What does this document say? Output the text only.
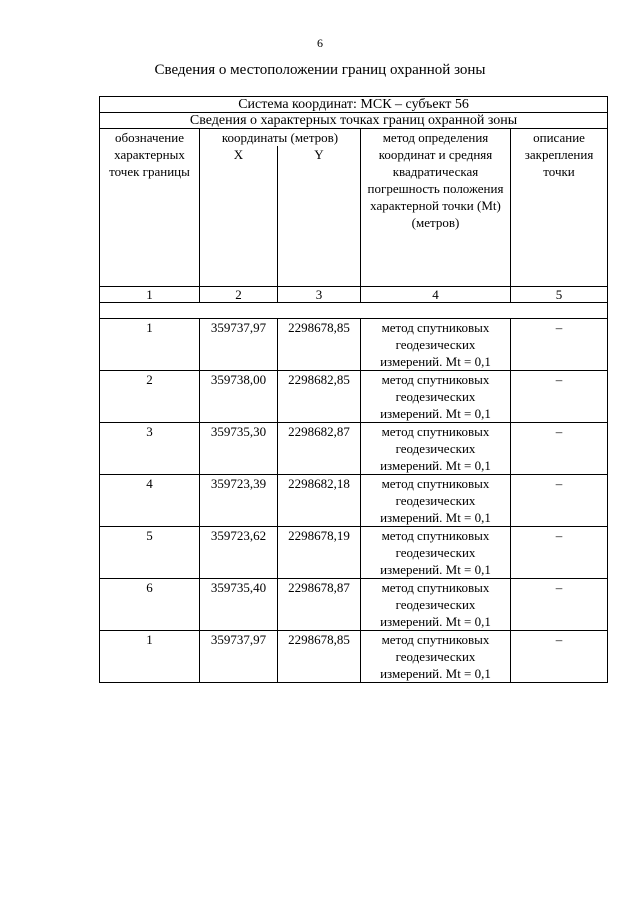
6
Сведения о местоположении границ охранной зоны
Система координат: МСК – субъект 56				
Сведения о характерных точках границ охранной зоны				
обозначение характерных точек границы	координаты (метров)		метод определения координат и средняя квадратическая погрешность положения характерной точки (Mt) (метров)	описание закрепления точки
	X	Y		
1	2	3	4	5

1	359737,97	2298678,85	метод спутниковых геодезических измерений. Mt = 0,1	–
2	359738,00	2298682,85	метод спутниковых геодезических измерений. Mt = 0,1	–
3	359735,30	2298682,87	метод спутниковых геодезических измерений. Mt = 0,1	–
4	359723,39	2298682,18	метод спутниковых геодезических измерений. Mt = 0,1	–
5	359723,62	2298678,19	метод спутниковых геодезических измерений. Mt = 0,1	–
6	359735,40	2298678,87	метод спутниковых геодезических измерений. Mt = 0,1	–
1	359737,97	2298678,85	метод спутниковых геодезических измерений. Mt = 0,1	–
